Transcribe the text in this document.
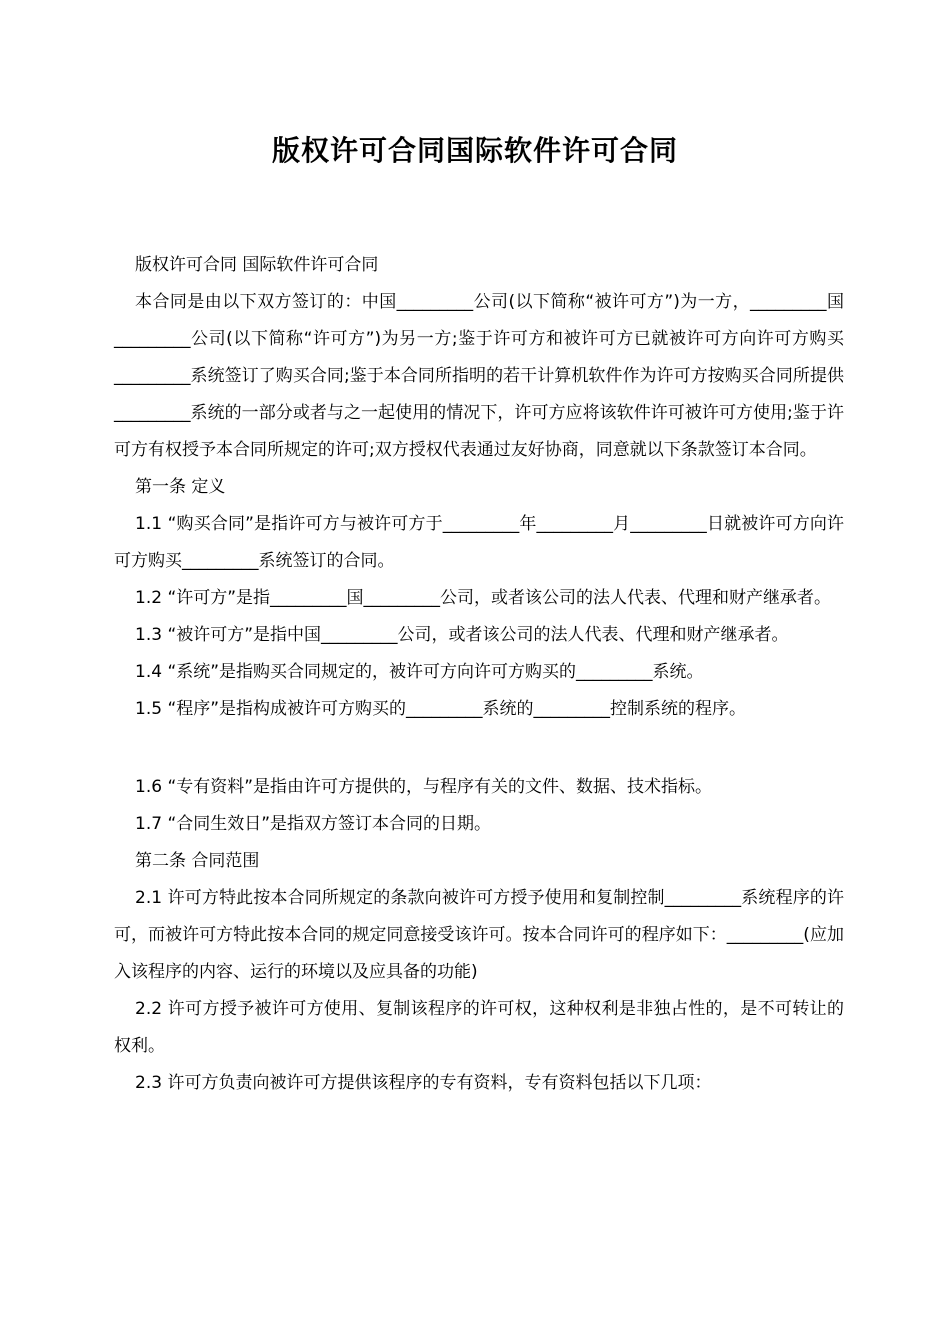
版权许可合同国际软件许可合同

版权许可合同 国际软件许可合同

本合同是由以下双方签订的：中国_________公司(以下简称“被许可方”)为一方，_________国_________公司(以下简称“许可方”)为另一方;鉴于许可方和被许可方已就被许可方向许可方购买_________系统签订了购买合同;鉴于本合同所指明的若干计算机软件作为许可方按购买合同所提供_________系统的一部分或者与之一起使用的情况下，许可方应将该软件许可被许可方使用;鉴于许可方有权授予本合同所规定的许可;双方授权代表通过友好协商，同意就以下条款签订本合同。

第一条 定义

1.1 “购买合同”是指许可方与被许可方于_________年_________月_________日就被许可方向许可方购买_________系统签订的合同。

1.2 “许可方”是指_________国_________公司，或者该公司的法人代表、代理和财产继承者。

1.3 “被许可方”是指中国_________公司，或者该公司的法人代表、代理和财产继承者。

1.4 “系统”是指购买合同规定的，被许可方向许可方购买的_________系统。

1.5 “程序”是指构成被许可方购买的_________系统的_________控制系统的程序。

1.6 “专有资料”是指由许可方提供的，与程序有关的文件、数据、技术指标。

1.7 “合同生效日”是指双方签订本合同的日期。

第二条 合同范围

2.1 许可方特此按本合同所规定的条款向被许可方授予使用和复制控制_________系统程序的许可，而被许可方特此按本合同的规定同意接受该许可。按本合同许可的程序如下：_________(应加入该程序的内容、运行的环境以及应具备的功能)

2.2 许可方授予被许可方使用、复制该程序的许可权，这种权利是非独占性的，是不可转让的权利。

2.3 许可方负责向被许可方提供该程序的专有资料，专有资料包括以下几项：
